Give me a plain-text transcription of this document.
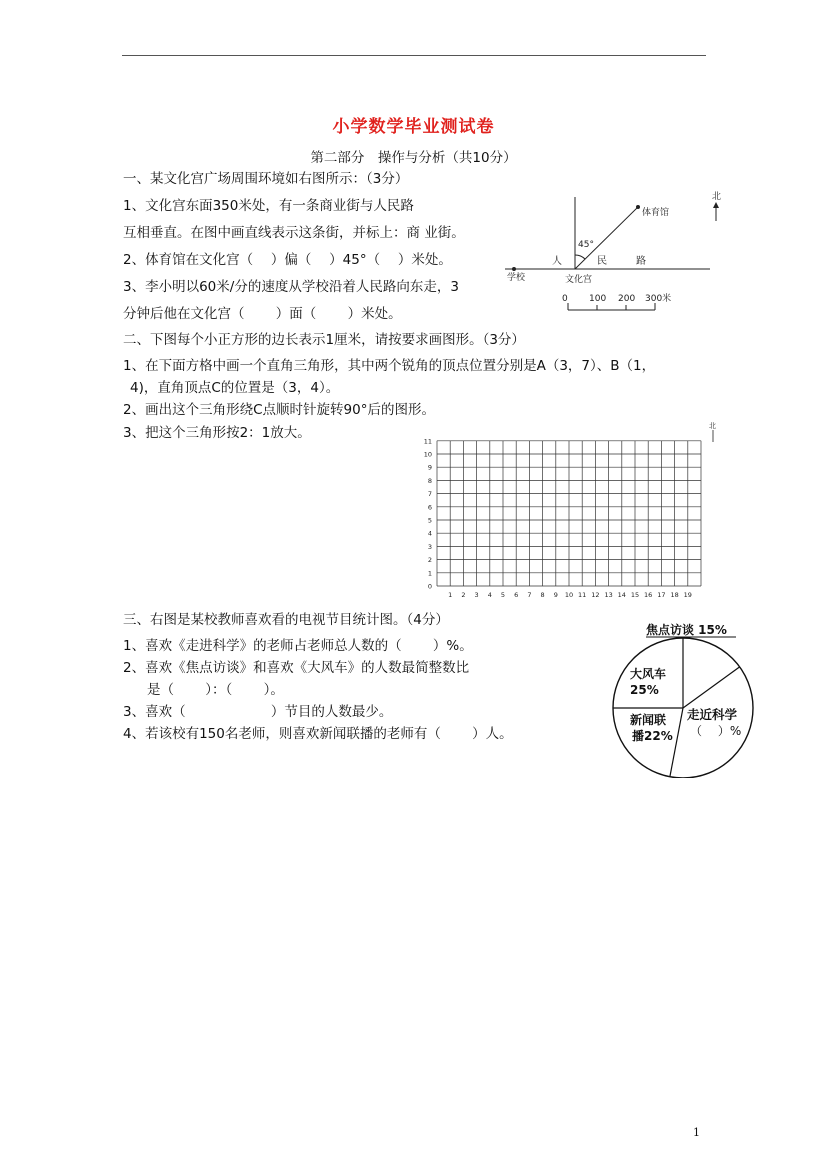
小学数学毕业测试卷
第二部分　操作与分析（共10分）
一、某文化宫广场周围环境如右图所示：（3分）
1、文化宫东面350米处，有一条商业街与人民路
互相垂直。在图中画直线表示这条街，并标上：商 业街。
2、体育馆在文化宫（　 ）偏（　 ）45°（　 ）米处。
3、李小明以60米/分的速度从学校沿着人民路向东走，3
分钟后他在文化宫（　　 ）面（　　 ）米处。
体育馆
45°
人	民	路
学校	文化宫
北
0 100 200 300米
二、下图每个小正方形的边长表示1厘米，请按要求画图形。（3分）
1、在下面方格中画一个直角三角形，其中两个锐角的顶点位置分别是A（3，7）、B（1，
4)，直角顶点C的位置是（3，4）。
2、画出这个三角形绕C点顺时针旋转90°后的图形。
3、把这个三角形按2：1放大。
1 2 3 4 5 6 7 8 9 10 11 12 13 14 15 16 17 18 19
0
1
2
3
4
5
6
7
8
9
10
11
北
三、右图是某校教师喜欢看的电视节目统计图。（4分）
1、喜欢《走进科学》的老师占老师总人数的（　　 ）%。
2、喜欢《焦点访谈》和喜欢《大风车》的人数最简整数比
是（　　 ）：（　　 ）。
3、喜欢（　　　　　　 ）节目的人数最少。
4、若该校有150名老师，则喜欢新闻联播的老师有（　　 ）人。
焦点访谈 15%
走近科学
（　 ）%
新闻联
播22%
大风车
25%
1
